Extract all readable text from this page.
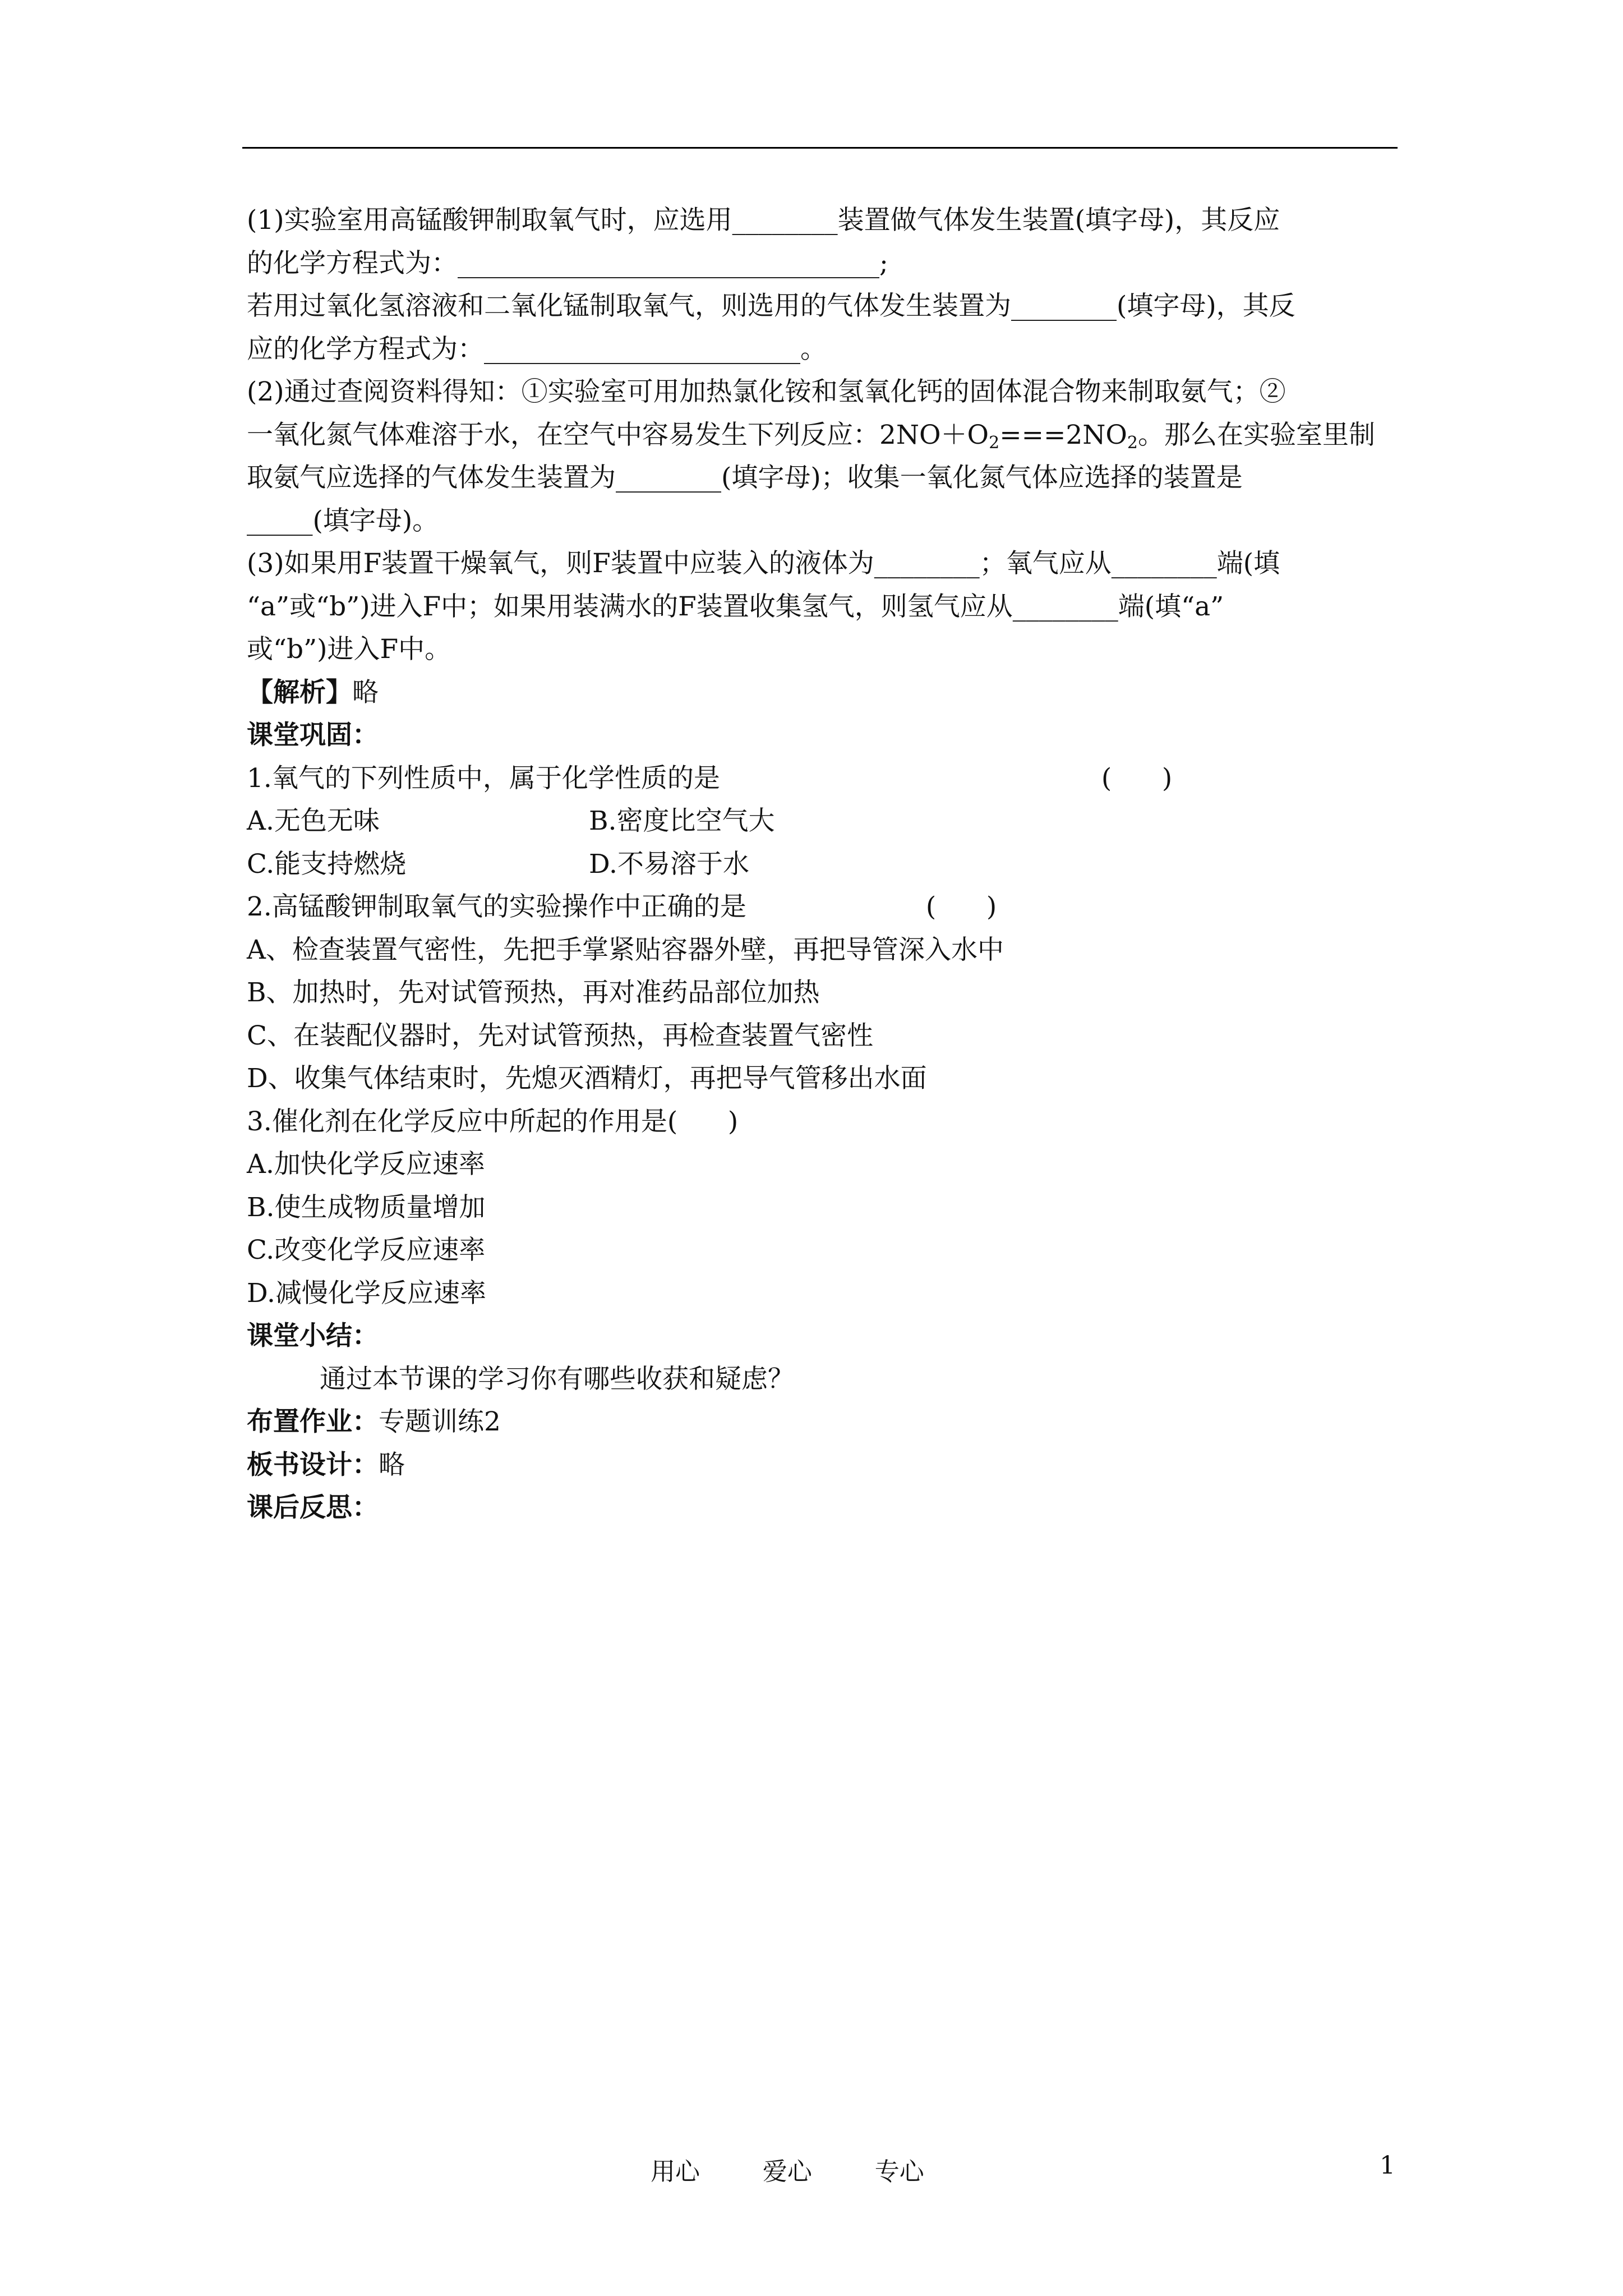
(1)实验室用高锰酸钾制取氧气时，应选用________装置做气体发生装置(填字母)，其反应
的化学方程式为：________________________________;
若用过氧化氢溶液和二氧化锰制取氧气，则选用的气体发生装置为________(填字母)，其反
应的化学方程式为：________________________。
(2)通过查阅资料得知：①实验室可用加热氯化铵和氢氧化钙的固体混合物来制取氨气；②
一氧化氮气体难溶于水，在空气中容易发生下列反应：$2NO+O_2===2NO_2$。那么在实验室里制
取氨气应选择的气体发生装置为________(填字母)；收集一氧化氮气体应选择的装置是
_____(填字母)。
(3)如果用F装置干燥氧气，则F装置中应装入的液体为________；氧气应从________端(填
“a”或“b”)进入F中；如果用装满水的F装置收集氢气，则氢气应从________端(填“a”
或“b”)进入F中。
【解析】略
课堂巩固：
1.氧气的下列性质中，属于化学性质的是	(      )
A.无色无味	B.密度比空气大
C.能支持燃烧	D.不易溶于水
2.高锰酸钾制取氧气的实验操作中正确的是	(      )
A、检查装置气密性，先把手掌紧贴容器外壁，再把导管深入水中
B、加热时，先对试管预热，再对准药品部位加热
C、在装配仪器时，先对试管预热，再检查装置气密性
D、收集气体结束时，先熄灭酒精灯，再把导气管移出水面
3.催化剂在化学反应中所起的作用是(      )
A.加快化学反应速率
B.使生成物质量增加
C.改变化学反应速率
D.减慢化学反应速率
课堂小结：
通过本节课的学习你有哪些收获和疑虑？
布置作业：专题训练2
板书设计：略
课后反思：
用心        爱心        专心	1
